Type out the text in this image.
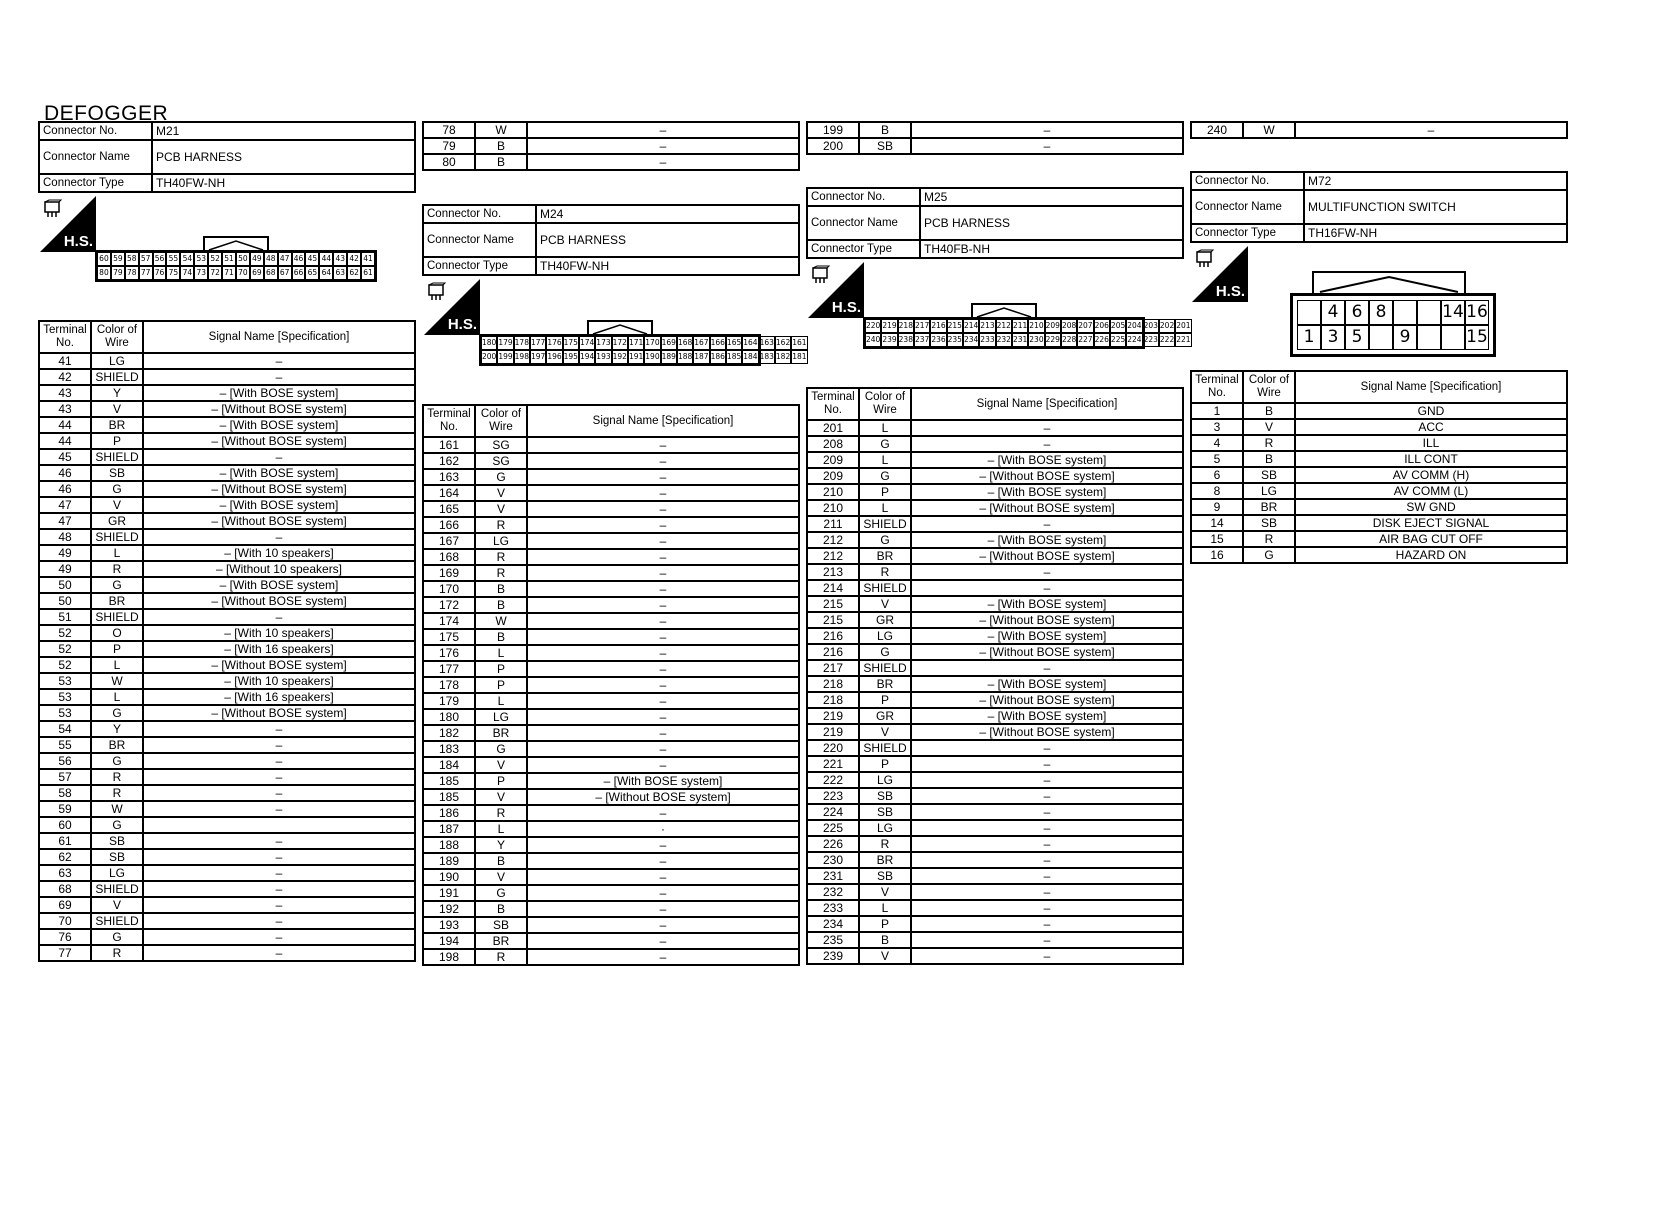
DEFOGGER
Connector No.	M21
Connector Name	PCB HARNESS
Connector Type	TH40FW-NH
H.S.
60 59 58 57 56 55 54 53 52 51 50 49 48 47 46 45 44 43 42 41
80 79 78 77 76 75 74 73 72 71 70 69 68 67 66 65 64 63 62 61
Terminal No.	Color of Wire	Signal Name [Specification]
41	LG	–
42	SHIELD	–
43	Y	– [With BOSE system]
43	V	– [Without BOSE system]
44	BR	– [With BOSE system]
44	P	– [Without BOSE system]
45	SHIELD	–
46	SB	– [With BOSE system]
46	G	– [Without BOSE system]
47	V	– [With BOSE system]
47	GR	– [Without BOSE system]
48	SHIELD	–
49	L	– [With 10 speakers]
49	R	– [Without 10 speakers]
50	G	– [With BOSE system]
50	BR	– [Without BOSE system]
51	SHIELD	–
52	O	– [With 10 speakers]
52	P	– [With 16 speakers]
52	L	– [Without BOSE system]
53	W	– [With 10 speakers]
53	L	– [With 16 speakers]
53	G	– [Without BOSE system]
54	Y	–
55	BR	–
56	G	–
57	R	–
58	R	–
59	W	–
60	G	
61	SB	–
62	SB	–
63	LG	–
68	SHIELD	–
69	V	–
70	SHIELD	–
76	G	–
77	R	–
78	W	–
79	B	–
80	B	–
Connector No.	M24
Connector Name	PCB HARNESS
Connector Type	TH40FW-NH
H.S.
180 179 178 177 176 175 174 173 172 171 170 169 168 167 166 165 164 163 162 161
200 199 198 197 196 195 194 193 192 191 190 189 188 187 186 185 184 183 182 181
Terminal No.	Color of Wire	Signal Name [Specification]
161	SG	–
162	SG	–
163	G	–
164	V	–
165	V	–
166	R	–
167	LG	–
168	R	–
169	R	–
170	B	–
172	B	–
174	W	–
175	B	–
176	L	–
177	P	–
178	P	–
179	L	–
180	LG	–
182	BR	–
183	G	–
184	V	–
185	P	– [With BOSE system]
185	V	– [Without BOSE system]
186	R	–
187	L	·
188	Y	–
189	B	–
190	V	–
191	G	–
192	B	–
193	SB	–
194	BR	–
198	R	–
199	B	–
200	SB	–
Connector No.	M25
Connector Name	PCB HARNESS
Connector Type	TH40FB-NH
H.S.
220 219 218 217 216 215 214 213 212 211 210 209 208 207 206 205 204 203 202 201
240 239 238 237 236 235 234 233 232 231 230 229 228 227 226 225 224 223 222 221
Terminal No.	Color of Wire	Signal Name [Specification]
201	L	–
208	G	–
209	L	– [With BOSE system]
209	G	– [Without BOSE system]
210	P	– [With BOSE system]
210	L	– [Without BOSE system]
211	SHIELD	–
212	G	– [With BOSE system]
212	BR	– [Without BOSE system]
213	R	–
214	SHIELD	–
215	V	– [With BOSE system]
215	GR	– [Without BOSE system]
216	LG	– [With BOSE system]
216	G	– [Without BOSE system]
217	SHIELD	–
218	BR	– [With BOSE system]
218	P	– [Without BOSE system]
219	GR	– [With BOSE system]
219	V	– [Without BOSE system]
220	SHIELD	–
221	P	–
222	LG	–
223	SB	–
224	SB	–
225	LG	–
226	R	–
230	BR	–
231	SB	–
232	V	–
233	L	–
234	P	–
235	B	–
239	V	–
240	W	–
Connector No.	M72
Connector Name	MULTIFUNCTION SWITCH
Connector Type	TH16FW-NH
H.S.
4 6 8	14 16
1 3 5	9	15
Terminal No.	Color of Wire	Signal Name [Specification]
1	B	GND
3	V	ACC
4	R	ILL
5	B	ILL CONT
6	SB	AV COMM (H)
8	LG	AV COMM (L)
9	BR	SW GND
14	SB	DISK EJECT SIGNAL
15	R	AIR BAG CUT OFF
16	G	HAZARD ON
